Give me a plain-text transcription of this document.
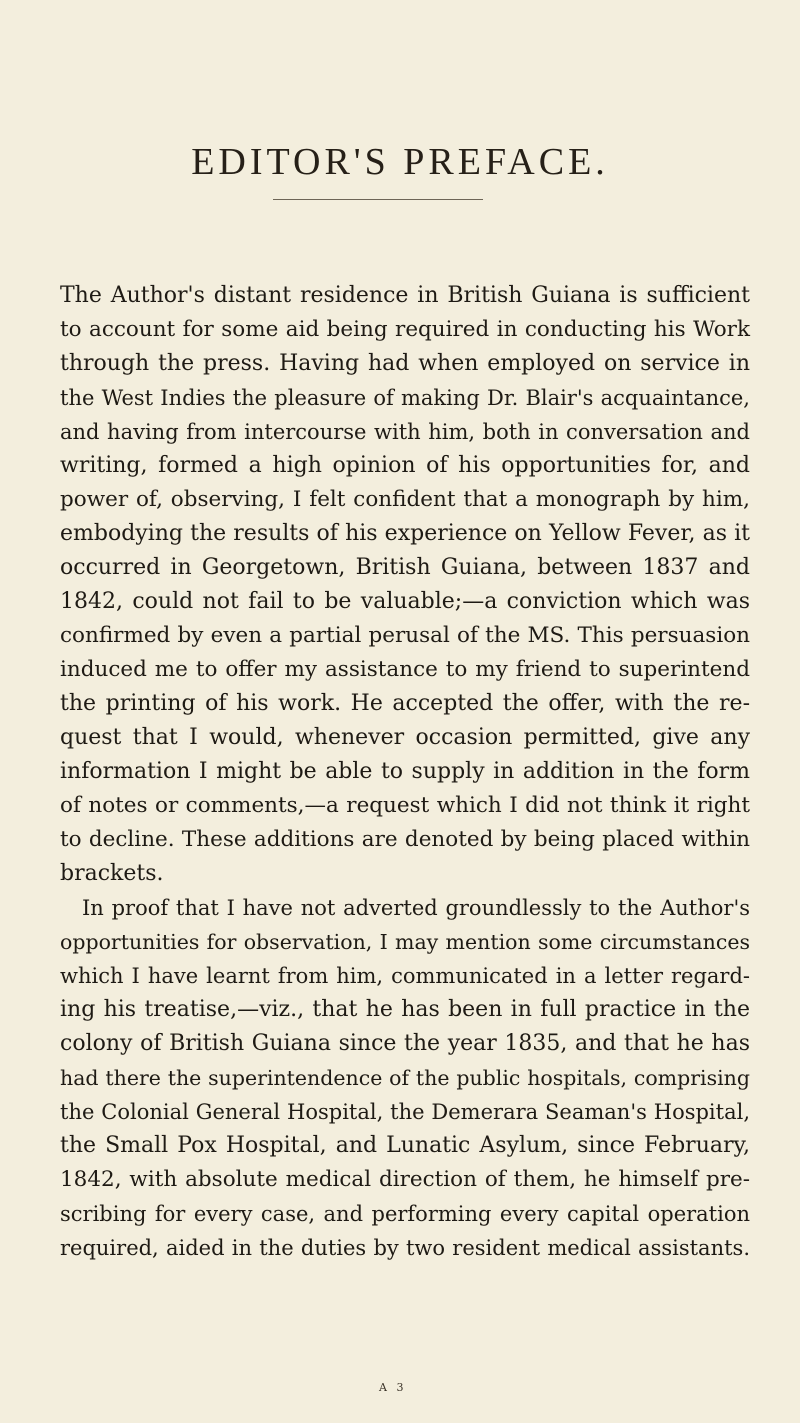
EDITOR'S PREFACE.
The Author's distant residence in British Guiana is sufficient
to account for some aid being required in conducting his Work
through the press. Having had when employed on service in
the West Indies the pleasure of making Dr. Blair's acquaintance,
and having from intercourse with him, both in conversation and
writing, formed a high opinion of his opportunities for, and
power of, observing, I felt confident that a monograph by him,
embodying the results of his experience on Yellow Fever, as it
occurred in Georgetown, British Guiana, between 1837 and
1842, could not fail to be valuable;—a conviction which was
confirmed by even a partial perusal of the MS. This persuasion
induced me to offer my assistance to my friend to superintend
the printing of his work. He accepted the offer, with the re-
quest that I would, whenever occasion permitted, give any
information I might be able to supply in addition in the form
of notes or comments,—a request which I did not think it right
to decline. These additions are denoted by being placed within
brackets.
In proof that I have not adverted groundlessly to the Author's
opportunities for observation, I may mention some circumstances
which I have learnt from him, communicated in a letter regard-
ing his treatise,—viz., that he has been in full practice in the
colony of British Guiana since the year 1835, and that he has
had there the superintendence of the public hospitals, comprising
the Colonial General Hospital, the Demerara Seaman's Hospital,
the Small Pox Hospital, and Lunatic Asylum, since February,
1842, with absolute medical direction of them, he himself pre-
scribing for every case, and performing every capital operation
required, aided in the duties by two resident medical assistants.
A 3
